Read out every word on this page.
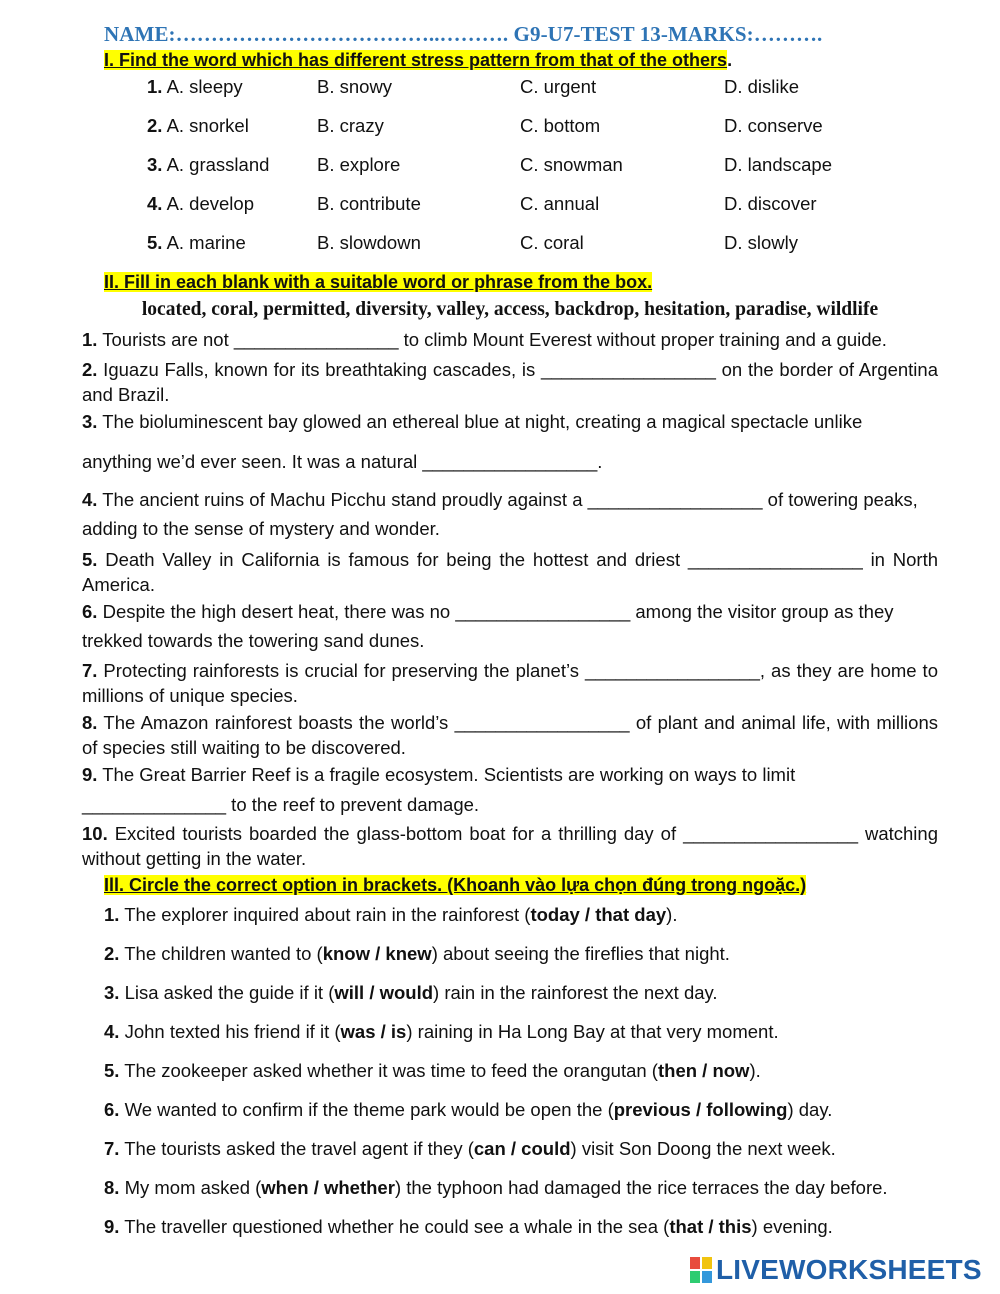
NAME:………………………………..………. G9-U7-TEST 13-MARKS:……….
I. Find the word which has different stress pattern from that of the others.
1. A. sleepy	B. snowy	C. urgent	D. dislike
2. A. snorkel	B. crazy	C. bottom	D. conserve
3. A. grassland	B. explore	C. snowman	D. landscape
4. A. develop	B. contribute	C. annual	D. discover
5. A. marine	B. slowdown	C. coral	D. slowly
II. Fill in each blank with a suitable word or phrase from the box.
located, coral, permitted, diversity, valley, access, backdrop, hesitation, paradise, wildlife
1. Tourists are not ________________ to climb Mount Everest without proper training and a guide.
2. Iguazu Falls, known for its breathtaking cascades, is _________________ on the border of Argentina and Brazil.
3. The bioluminescent bay glowed an ethereal blue at night, creating a magical spectacle unlike
anything we’d ever seen. It was a natural _________________.
4. The ancient ruins of Machu Picchu stand proudly against a _________________ of towering peaks,
adding to the sense of mystery and wonder.
5. Death Valley in California is famous for being the hottest and driest _________________ in North America.
6. Despite the high desert heat, there was no _________________ among the visitor group as they
trekked towards the towering sand dunes.
7. Protecting rainforests is crucial for preserving the planet’s _________________, as they are home to millions of unique species.
8. The Amazon rainforest boasts the world’s _________________ of plant and animal life, with millions of species still waiting to be discovered.
9. The Great Barrier Reef is a fragile ecosystem. Scientists are working on ways to limit
______________ to the reef to prevent damage.
10. Excited tourists boarded the glass-bottom boat for a thrilling day of _________________ watching without getting in the water.
Ill. Circle the correct option in brackets. (Khoanh vào lựa chọn đúng trong ngoặc.)
1. The explorer inquired about rain in the rainforest (today / that day).
2. The children wanted to (know / knew) about seeing the fireflies that night.
3. Lisa asked the guide if it (will / would) rain in the rainforest the next day.
4. John texted his friend if it (was / is) raining in Ha Long Bay at that very moment.
5. The zookeeper asked whether it was time to feed the orangutan (then / now).
6. We wanted to confirm if the theme park would be open the (previous / following) day.
7. The tourists asked the travel agent if they (can / could) visit Son Doong the next week.
8. My mom asked (when / whether) the typhoon had damaged the rice terraces the day before.
9. The traveller questioned whether he could see a whale in the sea (that / this) evening.
LIVEWORKSHEETS
